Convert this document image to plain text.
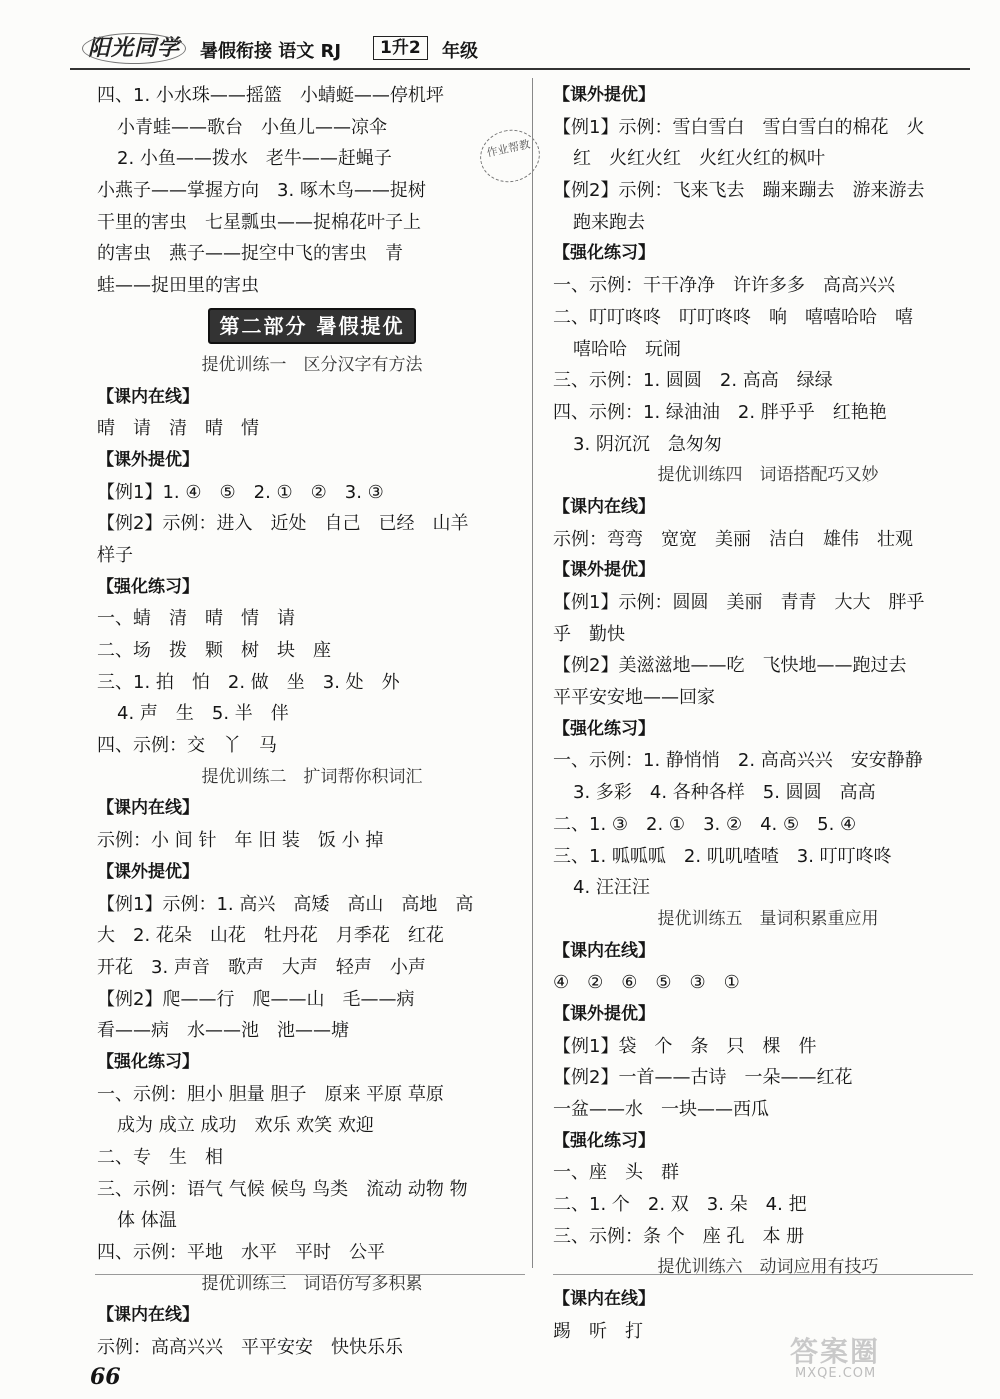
阳光同学 暑假衔接 语文 RJ	1升2	年级
作业帮教
四、1. 小水珠——摇篮　小蜻蜓——停机坪
小青蛙——歌台　小鱼儿——凉伞
2. 小鱼——拨水　老牛——赶蝇子
小燕子——掌握方向　3. 啄木鸟——捉树
干里的害虫　七星瓢虫——捉棉花叶子上
的害虫　燕子——捉空中飞的害虫　青
蛙——捉田里的害虫
第二部分 暑假提优
提优训练一　区分汉字有方法
【课内在线】
晴　请　清　晴　情
【课外提优】
【例1】1. ④　⑤　2. ①　②　3. ③
【例2】示例：进入　近处　自己　已经　山羊
样子
【强化练习】
一、蜻　清　晴　情　请
二、场　拨　颗　树　块　座
三、1. 拍　怕　2. 做　坐　3. 处　外
4. 声　生　5. 半　伴
四、示例：交　丫　马
提优训练二　扩词帮你积词汇
【课内在线】
示例：小 间 针　年 旧 装　饭 小 掉
【课外提优】
【例1】示例：1. 高兴　高矮　高山　高地　高
大　2. 花朵　山花　牡丹花　月季花　红花
开花　3. 声音　歌声　大声　轻声　小声
【例2】爬——行　爬——山　毛——病
看——病　水——池　池——塘
【强化练习】
一、示例：胆小 胆量 胆子　原来 平原 草原
成为 成立 成功　欢乐 欢笑 欢迎
二、专　生　相
三、示例：语气 气候 候鸟 鸟类　流动 动物 物
体 体温
四、示例：平地　水平　平时　公平
提优训练三　词语仿写多积累
【课内在线】
示例：高高兴兴　平平安安　快快乐乐
【课外提优】
【例1】示例：雪白雪白　雪白雪白的棉花　火
红　火红火红　火红火红的枫叶
【例2】示例：飞来飞去　蹦来蹦去　游来游去
跑来跑去
【强化练习】
一、示例：干干净净　许许多多　高高兴兴
二、叮叮咚咚　叮叮咚咚　响　嘻嘻哈哈　嘻
嘻哈哈　玩闹
三、示例：1. 圆圆　2. 高高　绿绿
四、示例：1. 绿油油　2. 胖乎乎　红艳艳
3. 阴沉沉　急匆匆
提优训练四　词语搭配巧又妙
【课内在线】
示例：弯弯　宽宽　美丽　洁白　雄伟　壮观
【课外提优】
【例1】示例：圆圆　美丽　青青　大大　胖乎
乎　勤快
【例2】美滋滋地——吃　飞快地——跑过去
平平安安地——回家
【强化练习】
一、示例：1. 静悄悄　2. 高高兴兴　安安静静
3. 多彩　4. 各种各样　5. 圆圆　高高
二、1. ③　2. ①　3. ②　4. ⑤　5. ④
三、1. 呱呱呱　2. 叽叽喳喳　3. 叮叮咚咚
4. 汪汪汪
提优训练五　量词积累重应用
【课内在线】
④　②　⑥　⑤　③　①
【课外提优】
【例1】袋　个　条　只　棵　件
【例2】一首——古诗　一朵——红花
一盆——水　一块——西瓜
【强化练习】
一、座　头　群
二、1. 个　2. 双　3. 朵　4. 把
三、示例：条 个　座 孔　本 册
提优训练六　动词应用有技巧
【课内在线】
踢　听　打
66
答案圈
MXQE.COM
